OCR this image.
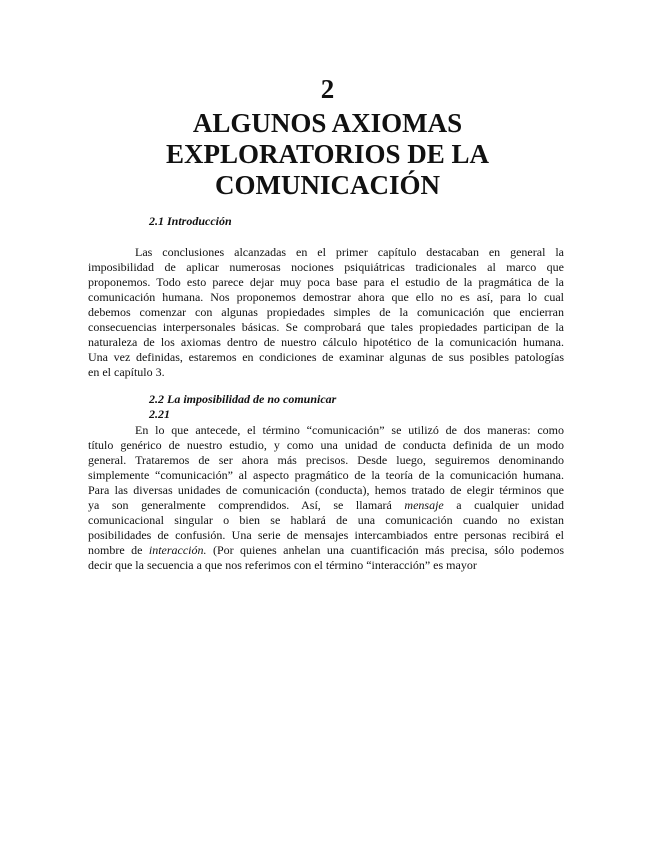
2
ALGUNOS AXIOMAS
EXPLORATORIOS DE LA
COMUNICACIÓN
2.1 Introducción
Las conclusiones alcanzadas en el primer capítulo destacaban en general la
imposibilidad de aplicar numerosas nociones psiquiátricas tradicionales al marco que
proponemos. Todo esto parece dejar muy poca base para el estudio de la pragmática de la
comunicación humana. Nos proponemos demostrar ahora que ello no es así, para lo cual
debemos comenzar con algunas propiedades simples de la comunicación que encierran
consecuencias interpersonales básicas. Se comprobará que tales propiedades participan de la
naturaleza de los axiomas dentro de nuestro cálculo hipotético de la comunicación humana.
Una vez definidas, estaremos en condiciones de examinar algunas de sus posibles patologías
en el capítulo 3.
2.2 La imposibilidad de no comunicar
2.21
En lo que antecede, el término “comunicación” se utilizó de dos maneras: como
título genérico de nuestro estudio, y como una unidad de conducta definida de un modo
general. Trataremos de ser ahora más precisos. Desde luego, seguiremos denominando
simplemente “comunicación” al aspecto pragmático de la teoría de la comunicación humana.
Para las diversas unidades de comunicación (conducta), hemos tratado de elegir términos que
ya son generalmente comprendidos. Así, se llamará mensaje a cualquier unidad
comunicacional singular o bien se hablará de una comunicación cuando no existan
posibilidades de confusión. Una serie de mensajes intercambiados entre personas recibirá el
nombre de interacción. (Por quienes anhelan una cuantificación más precisa, sólo podemos
decir que la secuencia a que nos referimos con el término “interacción” es mayor
